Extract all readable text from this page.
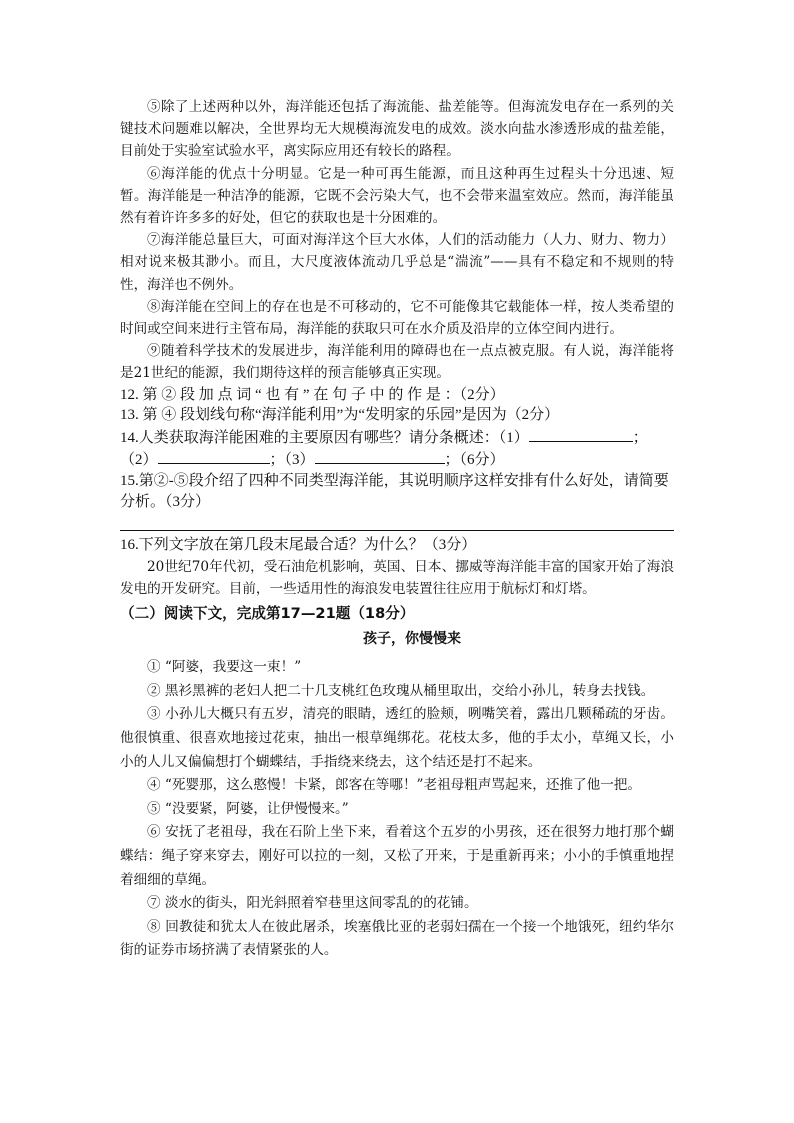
⑤除了上述两种以外，海洋能还包括了海流能、盐差能等。但海流发电存在一系列的关键技术问题难以解决，全世界均无大规模海流发电的成效。淡水向盐水渗透形成的盐差能，目前处于实验室试验水平，离实际应用还有较长的路程。

⑥海洋能的优点十分明显。它是一种可再生能源，而且这种再生过程头十分迅速、短暂。海洋能是一种洁净的能源，它既不会污染大气，也不会带来温室效应。然而，海洋能虽然有着许许多多的好处，但它的获取也是十分困难的。

⑦海洋能总量巨大，可面对海洋这个巨大水体，人们的活动能力（人力、财力、物力）相对说来极其渺小。而且，大尺度液体流动几乎总是“湍流”——具有不稳定和不规则的特性，海洋也不例外。

⑧海洋能在空间上的存在也是不可移动的，它不可能像其它载能体一样，按人类希望的时间或空间来进行主管布局，海洋能的获取只可在水介质及沿岸的立体空间内进行。

⑨随着科学技术的发展进步，海洋能利用的障碍也在一点点被克服。有人说，海洋能将是21世纪的能源，我们期待这样的预言能够真正实现。

12. 第 ② 段 加 点 词 “ 也 有 ” 在 句 子 中 的 作 是 ：（2分）

13. 第 ④ 段划线句称“海洋能利用”为“发明家的乐园”是因为（2分）

14.人类获取海洋能困难的主要原因有哪些？请分条概述：（1）	；

（2）	；（3）	；（6分）

15.第②-⑤段介绍了四种不同类型海洋能，其说明顺序这样安排有什么好处，请简要分析。（3分）

16.下列文字放在第几段末尾最合适？为什么？（3分）

20世纪70年代初，受石油危机影响，英国、日本、挪威等海洋能丰富的国家开始了海浪发电的开发研究。目前，一些适用性的海浪发电装置往往应用于航标灯和灯塔。

（二）阅读下文，完成第17—21题（18分）

孩子，你慢慢来

① “阿婆，我要这一束！”

② 黑衫黑裤的老妇人把二十几支桃红色玫瑰从桶里取出，交给小孙儿，转身去找钱。

③ 小孙儿大概只有五岁，清亮的眼睛，透红的脸颊，咧嘴笑着，露出几颗稀疏的牙齿。他很慎重、很喜欢地接过花束，抽出一根草绳绑花。花枝太多，他的手太小，草绳又长，小小的人儿又偏偏想打个蝴蝶结，手指绕来绕去，这个结还是打不起来。

④ “死婴那，这么憨慢！卡紧，郎客在等哪！”老祖母粗声骂起来，还推了他一把。

⑤ “没要紧，阿婆，让伊慢慢来。”

⑥ 安抚了老祖母，我在石阶上坐下来，看着这个五岁的小男孩，还在很努力地打那个蝴蝶结：绳子穿来穿去，刚好可以拉的一刻，又松了开来，于是重新再来；小小的手慎重地捏着细细的草绳。

⑦ 淡水的街头，阳光斜照着窄巷里这间零乱的的花铺。

⑧ 回教徒和犹太人在彼此屠杀，埃塞俄比亚的老弱妇孺在一个接一个地饿死，纽约华尔街的证券市场挤满了表情紧张的人。
